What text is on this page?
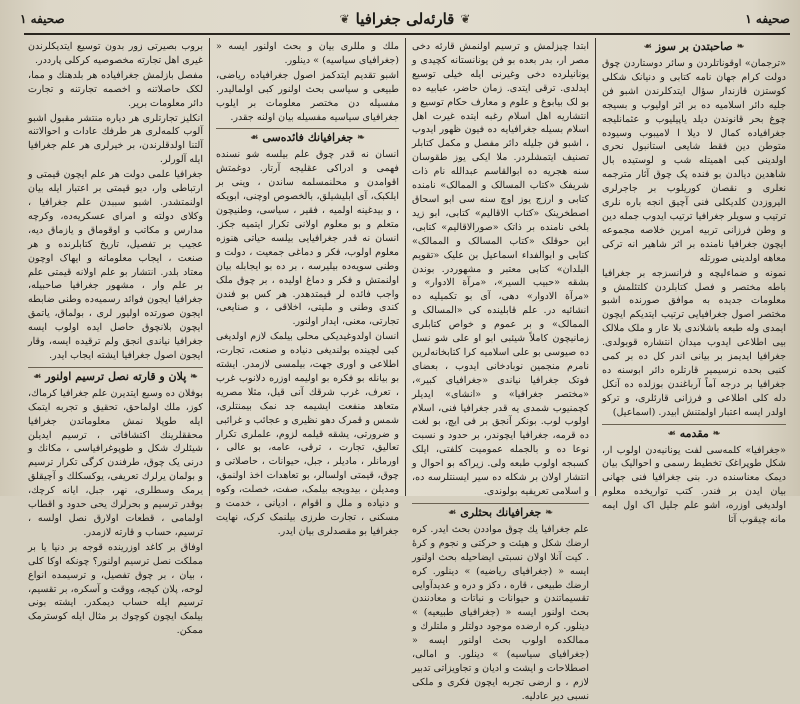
صحیفه ۱
❦
قارئه‌لی جغرافیا
❦
صحیفه ۱
❧
صاحبتدن بر سوز
☙

«ترجمان» اوقوناتلردن و سائر دوستاردن چوق دولت کرام جهان نامه کتابی و دنیانک شکلی کوستزن قازندار سؤال ایتدکلرندن اشبو فن جلیه دائر اسلامیه ده بر اثر اولیوب و بسیجه چوغ بحر قانوندن دیلد یاپیلیوب و عثمانلیجه جغرافیاده کمال لا دیلا ا لامیبوب وسیوده متوطن دین فقط شایعی استانبول نحری اولدینی کبی اهمیتله شب و لوستیده بال شاهدین دیالدن بو فنده پک چوق آثار مترجمه نعلری و نقصان کوریلوب بر جاجرلری الیروزدن کلدیکلی فنی آچیق انجه باره نلری ترتیب و سویلر جغرافیا ترتیب ایدوب جمله دین و وطن فرزانی تربیه امرین خلاصه مجموعه ایچون جغرافیا نامنده بر اثر شاهیر انه ترکی معاهه اولدینی صورتله

نمونه و ضماءلیچه و فرانسزجه بر جغرافیا باطه مختصر و فصل کتابلردن کلتئلمش و معلومات جدیده به موافق صورنده اشبو مختصر اصول جغرافیایی ترتیب ایتدیکم ایچون ایمدی وله طبعه باشلاندی بلا عار و ملک ملالک بیی اطلاعی ایدوب میدان انتشاره قوبولدی. جغرافیا ایدیمز بر بیانی اندر کل ده بر کمی کنبی بحده نرسیمیر قارتلره دائر ابوسنه ده جغرافیا بر درجه آماً آرباغندن بوزلده ده آنکل دله کلی اطلاعی و فرزانی قارئلری، و ترکو اولدر ایسه اعتبار اولمتنش ابیدر. (اسماعیل)

❧
مقدمه
☙

«جغرافیا» کلمه‌سی لفت یونانیه‌دن اولوب ار، شکل طوپراغک تخطیط رسمی و احوالیک بیان دیمک معناسنده در. بنی جغرافیا فنی جهانی بیان ایدن بر فندر. کتب تواریخده معلوم اولدیغی اوزره، اشو علم جلیل اک اول ایمه مانه چیقوب آتا

ابتدا چیزلمش و ترسیم اولنمش قارئه دخی مصر ار، بدر بعده بو فن یونانستانه کچیدی و یونانیلرده دخی وغیرنی ایله خیلی توسیع ایدلدی. ترقی ایتدی. زمان حاضر، عبابیه ده بو لک بیابوغ و علوم و معارف حکام توسیع و انتشاریه اهل اسلام رغبه ایتده غیرت اهل اسلام بسیله جغرافیایه ده فیون ظهور ایدوب ، اشبو فن جلیله دائر مفصل و مکمل کتابلر تصنیف ایتمشلردر. ملا ایکی یوز طقوسان سنه هجریه ده ابوالقاسم عبدالله نام ذات شریفک «کتاب المسالک و الممالک» نامنده کتابی و ارزج یوز اوچ سنه سی ابو اسحاق اصطخرینک «کتاب الاقالیم» کتابی، ابو زید بلخی نامنده بر ذاتک «صورالاقالیم» کتابی، ابن حوقلک «کتاب المسالک و الممالک» کتابی و ابوالفداء اسماعیل بن علیک «تقویم البلدان» کتابی معتبر و مشهوردر. بوندن بشقه «حبیب السیر»، «مرآة الادوار» و «مرآة الادوار» دهی، آی بو تکمیلیه ده انشائیه در. علم قابلینده کی «المسالک و الممالک» و بر عموم و خواص کتابلری زمانیچون کاملاً شیئبی ابو او علی شو نسل ده صیوسی بو علی اسلامیه کرا کتابخانه‌لرین نامرم منجمین نوبادخانی ایدوب ، بعضای فوتک جغرافیا نیاندی «جغرافیای کبیر»، «مختصر جغرافیا» و «انشای» ایدیلر کچمنیوب شمدی یه قدر جغرافیا فنی، اسلام اولوب لوب. بونکر آنجق بر فی ایچ، بو لغت ده قرمه، جغرافیا ایچوندر، بر حدود و نسبت نوعا ده و بالجمله عمومیت کلفتی، ایلک کسبجه اولوب طبعه ولی. زیراکه بو احوال و انتشار اولان بر شکله ده سیر ایسنتلرسه ده، و اسلامی تعریفیه بولوندی.

❧
جغرافیانك بحثلری
☙

علم جغرافیا یك چوق مواددن بحث ایدر. کره ارضك شكل و هیئت و حركتی و نجوم و كرهٔ . كیت آنلا اولان نسبتی ایضاحیله بحث اولنور ایسه « (جغرافیای ریاضیه) » دینلور. كره ارضك طبیعی ، قاره ، دکز و دره و عدیدآوایی تقسیماتندن و حیوانات و نباتات و معادنندن بحث اولنور ایسه « (جغرافیای طبیعیه) » دینلور. كره ارضده موجود دولتلر و ملتلرك و ممالکده اولوب بحث اولنور ایسه « (جغرافیای سیاسیه) » دینلور. و امالی، اصطلاحات و ایشت و ادیان و تجاویزاتی تدبیر لازم ، و ارضی تجربه ایچون فکری و ملکی نسبی دیر عادلیه.

ملك و مللری بیان و بحث اولنور ایسه « (جغرافیای سیاسیه) » دینلور.

اشبو تقدیم ایتدکمز اصول جغرافیاده ریاضی، طبیعی و سیاسی بحث اولنور کبی اولمالیدر. مفسیله دن مختصر معلومات بر ایلوب جغرافیای سیاسیه مفسیله بیان اولنه جقدر.

❧
جغرافیانك فائده‌سی
☙

انسان نه قدر چوق علم بیلسه شو نسنده فهمی و ادراکی عقلیجه آرتار. دوغمتش اقوامدن و محلنمسلمه ساندن ، وینی بر ایلکبک، آی ابلیشیلق، بالخصوص اوچنی، ابویکه ، و بیدغینه اولمیه ، فقیر ، سیاسی، وطنیچون متعلم و بو معلوم اولانی تکرار ایتمیه جکز. انسان نه قدر جغرافیایی بیلسه حیاتی هنوزه معلوم اولوب، فکر و دماغی جمعیت ، دولت و وطنی سویه‌ده بیلیرسه ، بر ده بو ایجابله بیان اولنمتش و فکر و دماغ اولیده ، بر چوق ملک واجب فائده لر قیمتدهدر. هر کس بو فندن کندی وطنی و ملیتی، اخلاقی ، و صنایعی، تجارتی، معنی، ایدار اولنور.

انسان اولدوغیدیکی محلی بیلمک لازم اولدیغی کبی لچینده بولندیغی دنیاده و صنعت، تجارت، اطلاعی و اوری جهت، بیلمسی لازمدر. ایشته بو بیانله بو فکره بو اولیمه اوزره دلانوب غرب ، تعرف، غرب شرقك آنی قیل، مثلا مصریه متعاهد منفعت ایشیمه جد نمک بیمنتلری، شمس و قمرک دهو نظیری و عجائب و غرائبی و ضرورتی، یشقه قیلمه لزوم، علملری تکرار تعالیق، تجارت ، ترقی، عامه، بو عالی ، اورمانلر ، مادیلر ، جبل، حیوانات ، حاصلاتی و چوق، قیمتی اولسالر، بو تعاهدات اخذ اولنمق، ومدیلن ، بیدویجه بیلمک، صفت، خصلت، وکوه و دنیاده و ملل و اقوام ، ادیانی ، خدمت و مسکنی ، تجارت طرزی بیلنمک کرک، نهایت جغرافیا بو مقصدلری بیان ایدر.

بروب بصیرتی زور بدون توسیع ایتدیکلرندن غیری اهل تجارته مخصوصیه کرکلی پارددر.

مفصل بازلمش جغرافیاده هر بلدهنك و مما، لکک حاصلاتنه و اخصمه تجارتنه و تجارت دائر معلومات بریر.

انکلیز تجارتلری هر دیاره منتشر مقبول اشبو آلوب کلمه‌لری هر طرفك عادات و احوالاتنه آلتنا اولدقلرندن، بر خیرلری هر علم جغرافیا ایله آلورلر.

جغرافیا علمی دولت هر علم ایچون قیمتی و ارتباطی وار، دیو قیمتی بر اعتبار ایله بیان اولنمتشدر. اشبو سببدن علم جغرافیا ، وکلای دولته و امرای عسکریه‌ده، وکرچه مدارس و مکاتب و اوقوماق و یازماق دیه، عجیب بر تفصیل، تاریخ کتابلرنده و هر صنعت ، ایجاب معلوماته و ایهاک اوچون معتاد بلدر. انتشار بو علم اولانه قیمتی علم بر علم وار ، مشهور جغرافیا صاحبیله، جغرافیا ایجون فوائد رسمیه‌ده وطنی ضابطه ایجون صورتده اولیور لری ، بولماق، یاتمق ایچون بلانچوق حاصل ایده اولوب ایسه جغرافیا نیاندی انجق ولم ترقیده ایسه، وقار ایجون اصول جغرافیا ایشته ایجاب ایدر.

❧
پلان و قارته نصل ترسیم اولنور
☙

بوفلان ده وسیع ایتدیرن علم جغرافیا کرماك، کوز، ملك اولماحق، تحقیق و تجربه ایتمک ایله طوپلا نمش معلوماتدن جغرافیا محققلرینك اکتشافاتی ، ترسیم ایدیلن شیئلرك شکل و طوپوغرافیاسی ، مکانك و درنی یک چوق، طرفندن کرگی تکرار ترسیم و بولمان یرلرك تعریفی، یوکسکلك و آچیقلق یرمک وسطلری، نهر، جبل، ایانه کرچك، بوقدر ترسیم و بحرلرك یحی حدود و اقطاب اولمامی ، قطعات اولارق نصل اولسه ، ترسیم، حساب و قارته لازمدر.

اوفاق بر کاغد اوزرینده قوجه بر دنیا یا بر مملکت نصل ترسیم اولنور؟ چونکه اوکا کلی ، بیان ، بر چوق تفصیل، و ترسیمده انواع لوحه، پلان کیجه، ووقت و آسکره، بر تقسیم، ترسیم ایله حساب دیمکدر. ایشته بونی بیلمک ایچون کوچوك بر مثال ایله کوسترمک ممکن.
